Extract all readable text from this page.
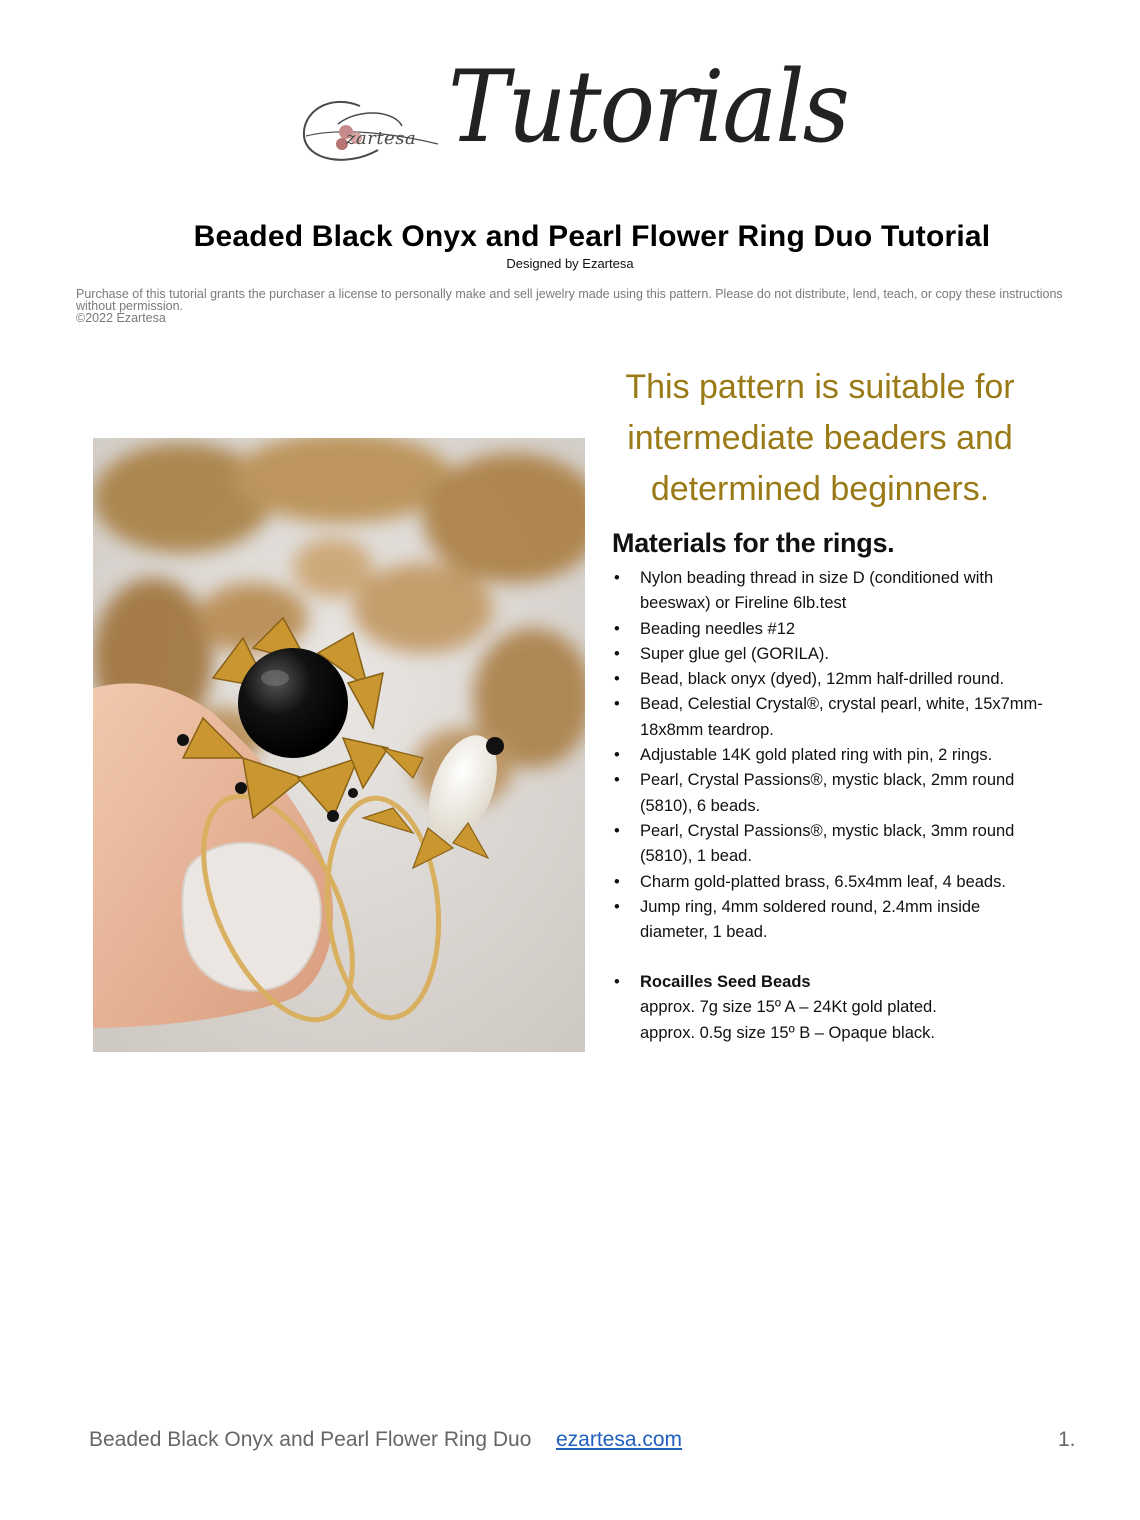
zartesa Tutorials
Beaded Black Onyx and Pearl Flower Ring Duo Tutorial
Designed by Ezartesa
Purchase of this tutorial grants the purchaser a license to personally make and sell jewelry made using this pattern. Please do not distribute, lend, teach, or copy these instructions without permission.
©2022 Ezartesa
This pattern is suitable for
intermediate beaders and
determined beginners.
Materials for the rings.
• Nylon beading thread in size D (conditioned with beeswax) or Fireline 6lb.test
• Beading needles #12
• Super glue gel (GORILA).
• Bead, black onyx (dyed), 12mm half-drilled round.
• Bead, Celestial Crystal®, crystal pearl, white, 15x7mm-18x8mm teardrop.
• Adjustable 14K gold plated ring with pin, 2 rings.
• Pearl, Crystal Passions®, mystic black, 2mm round (5810), 6 beads.
• Pearl, Crystal Passions®, mystic black, 3mm round (5810), 1 bead.
• Charm gold-platted brass, 6.5x4mm leaf, 4 beads.
• Jump ring, 4mm soldered round, 2.4mm inside diameter, 1 bead.
• Rocailles Seed Beads
approx. 7g size 15º A – 24Kt gold plated.
approx. 0.5g size 15º B – Opaque black.
Beaded Black Onyx and Pearl Flower Ring Duo ezartesa.com	1.
